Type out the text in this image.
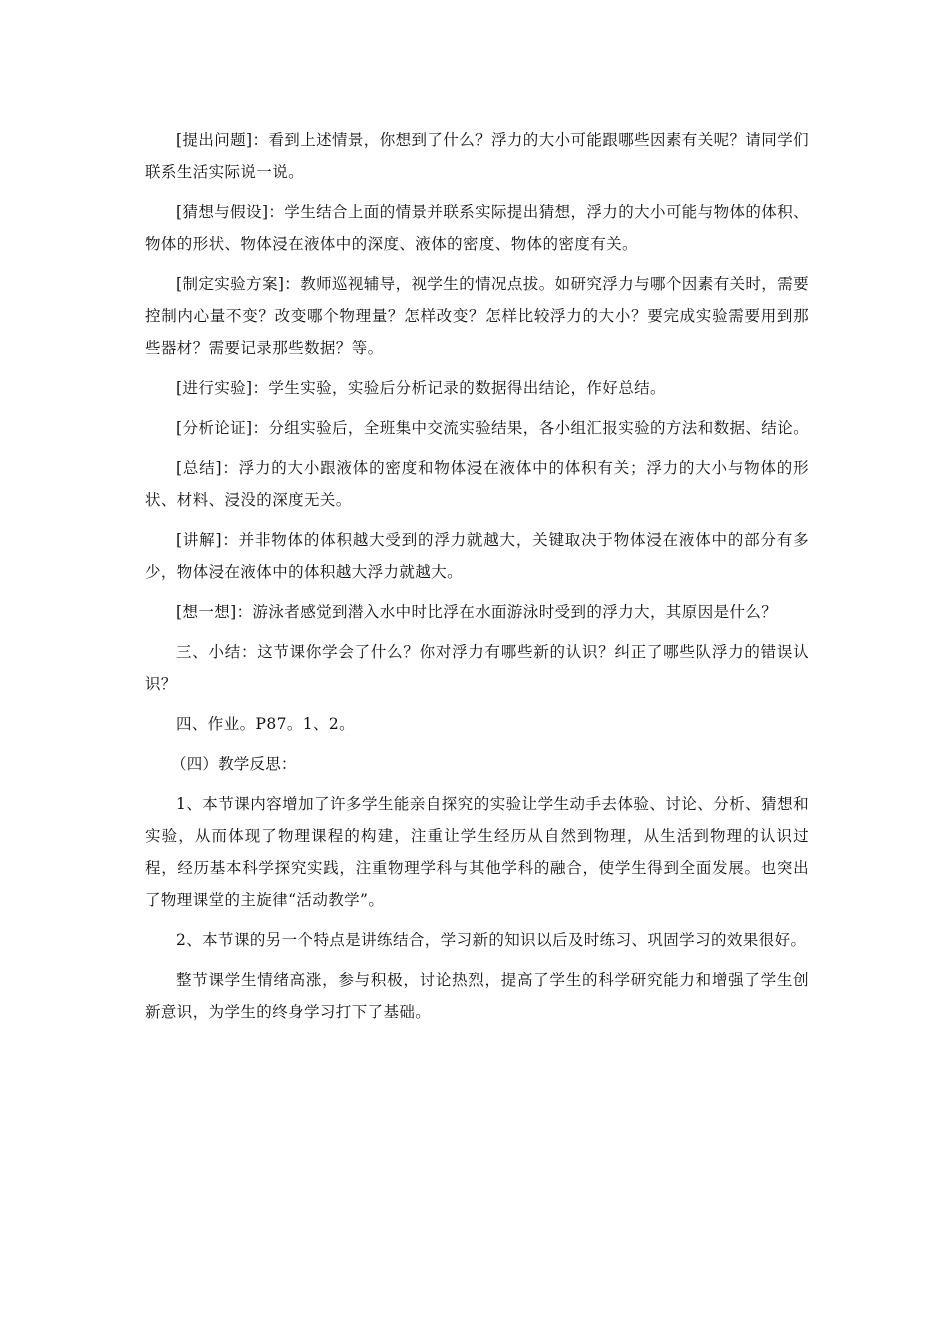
[提出问题]：看到上述情景，你想到了什么？浮力的大小可能跟哪些因素有关呢？请同学们联系生活实际说一说。

[猜想与假设]：学生结合上面的情景并联系实际提出猜想，浮力的大小可能与物体的体积、物体的形状、物体浸在液体中的深度、液体的密度、物体的密度有关。

[制定实验方案]：教师巡视辅导，视学生的情况点拔。如研究浮力与哪个因素有关时，需要控制内心量不变？改变哪个物理量？怎样改变？怎样比较浮力的大小？要完成实验需要用到那些器材？需要记录那些数据？等。

[进行实验]：学生实验，实验后分析记录的数据得出结论，作好总结。

[分析论证]：分组实验后，全班集中交流实验结果，各小组汇报实验的方法和数据、结论。

[总结]：浮力的大小跟液体的密度和物体浸在液体中的体积有关；浮力的大小与物体的形状、材料、浸没的深度无关。

[讲解]：并非物体的体积越大受到的浮力就越大，关键取决于物体浸在液体中的部分有多少，物体浸在液体中的体积越大浮力就越大。

[想一想]：游泳者感觉到潜入水中时比浮在水面游泳时受到的浮力大，其原因是什么？

三、小结：这节课你学会了什么？你对浮力有哪些新的认识？纠正了哪些队浮力的错误认识？

四、作业。P87。1、2。

（四）教学反思：

1、本节课内容增加了许多学生能亲自探究的实验让学生动手去体验、讨论、分析、猜想和实验，从而体现了物理课程的构建，注重让学生经历从自然到物理，从生活到物理的认识过程，经历基本科学探究实践，注重物理学科与其他学科的融合，使学生得到全面发展。也突出了物理课堂的主旋律“活动教学”。

2、本节课的另一个特点是讲练结合，学习新的知识以后及时练习、巩固学习的效果很好。

整节课学生情绪高涨，参与积极，讨论热烈，提高了学生的科学研究能力和增强了学生创新意识，为学生的终身学习打下了基础。
